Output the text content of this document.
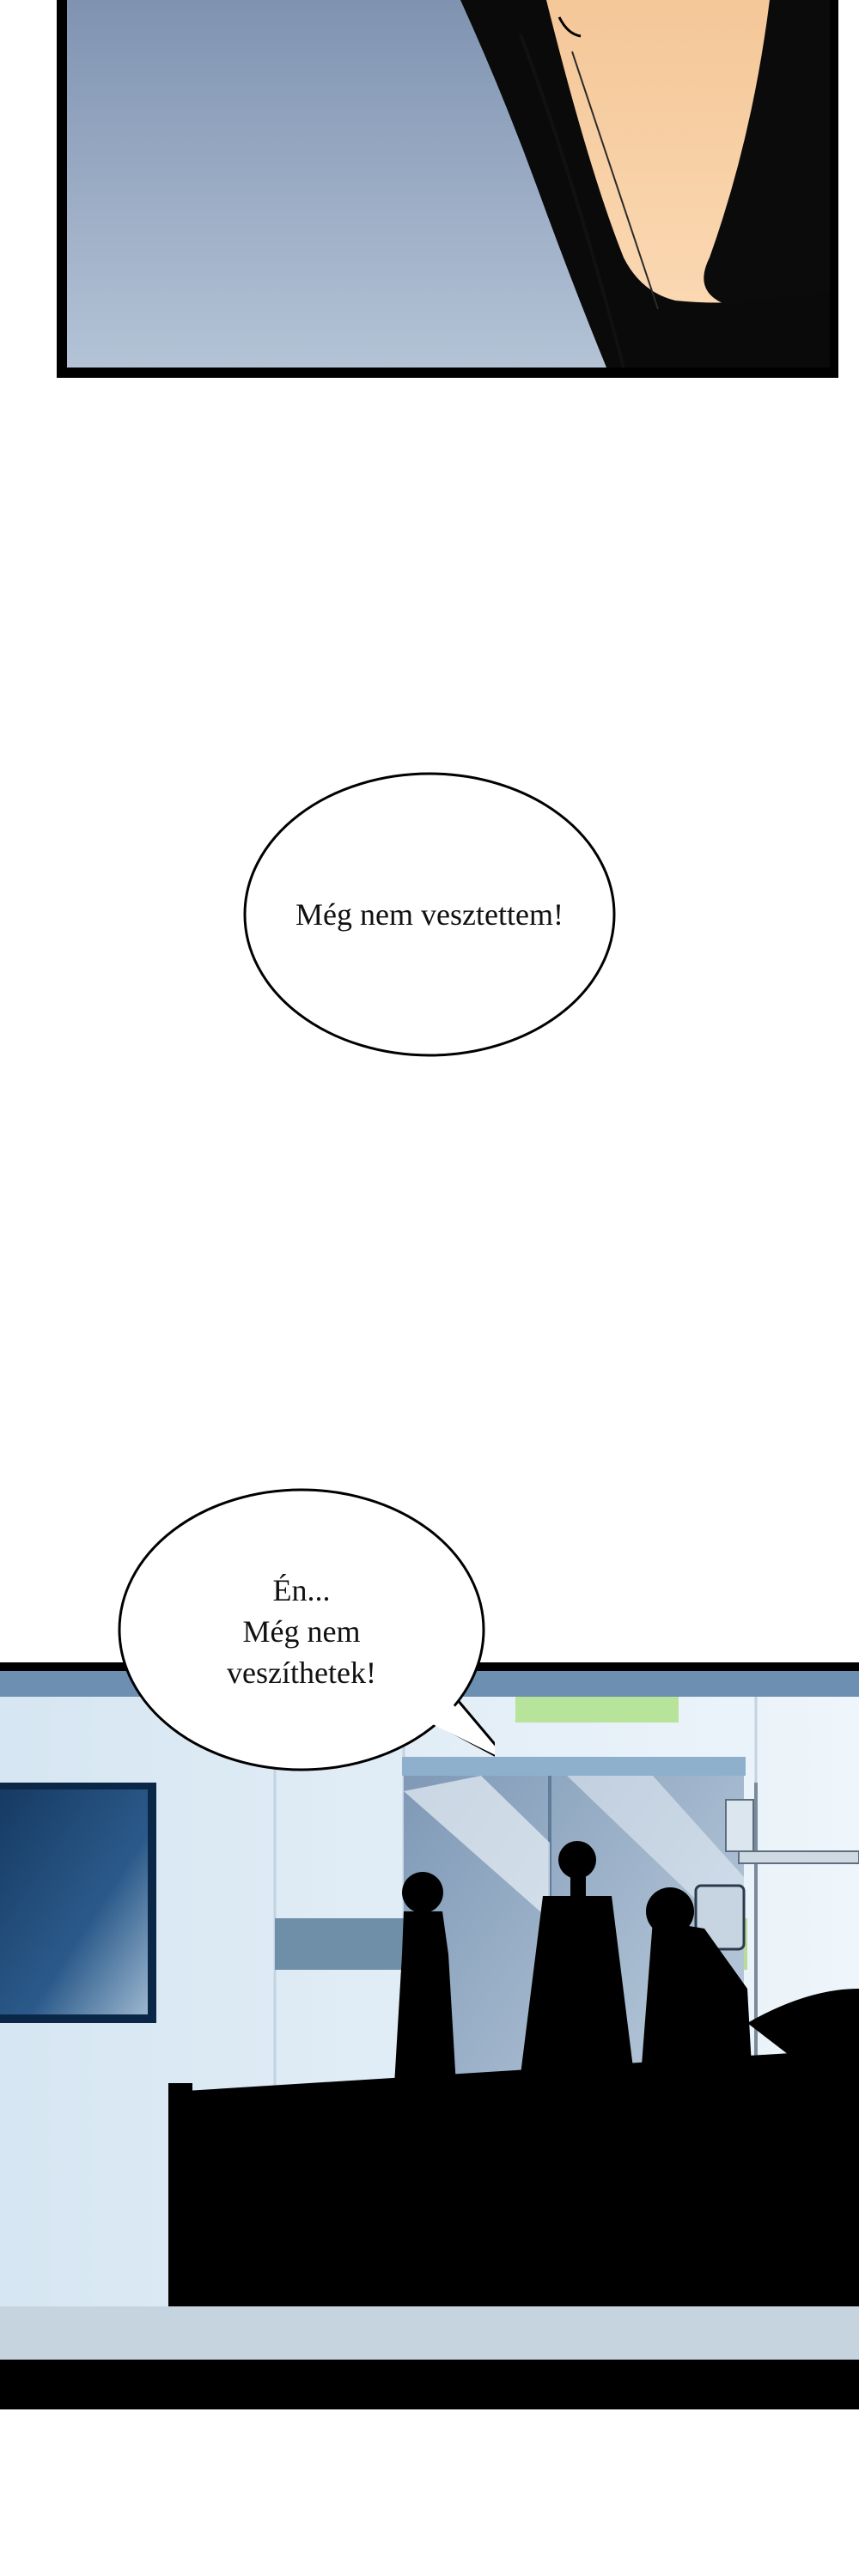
Még nem vesztettem!
Én...
Még nem
veszíthetek!
